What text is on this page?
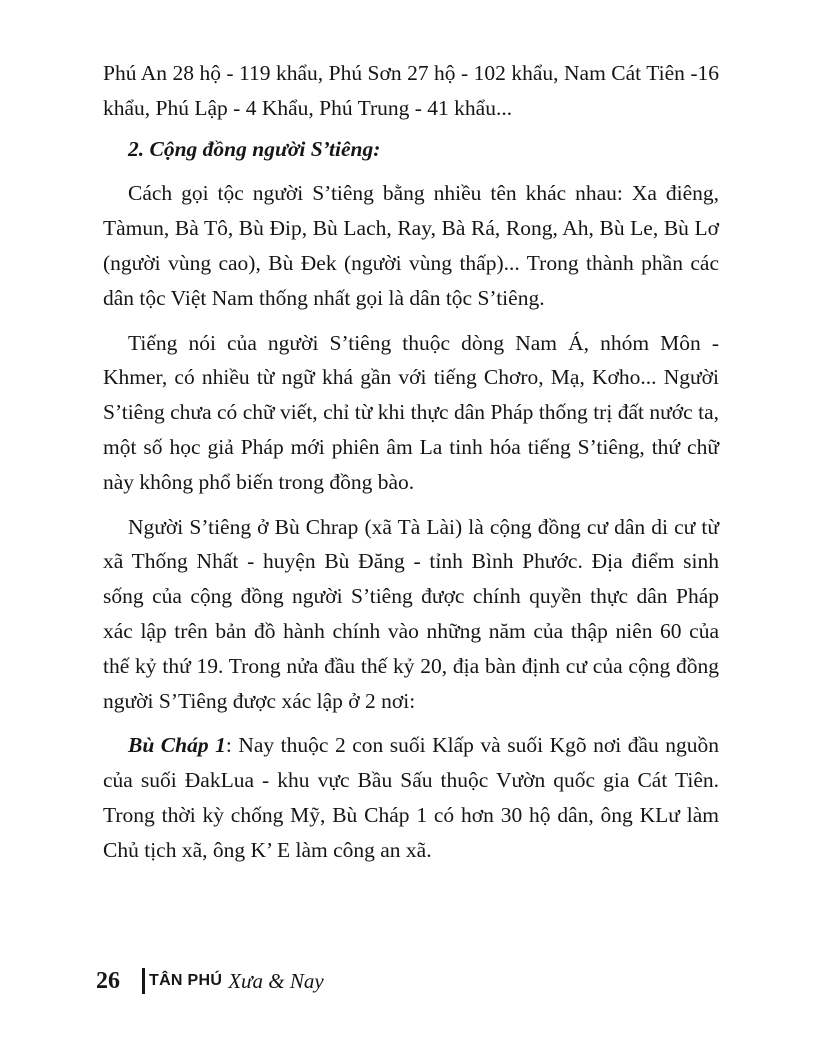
Phú An 28 hộ - 119 khẩu, Phú Sơn 27 hộ - 102 khẩu, Nam Cát Tiên -16 khẩu, Phú Lập - 4 Khẩu, Phú Trung - 41 khẩu...

2. Cộng đồng người S’tiêng:

Cách gọi tộc người S’tiêng bằng nhiều tên khác nhau: Xa điêng, Tàmun, Bà Tô, Bù Đip, Bù Lach, Ray, Bà Rá, Rong, Ah, Bù Le, Bù Lơ (người vùng cao), Bù Đek (người vùng thấp)... Trong thành phần các dân tộc Việt Nam thống nhất gọi là dân tộc S’tiêng.

Tiếng nói của người S’tiêng thuộc dòng Nam Á, nhóm Môn - Khmer, có nhiều từ ngữ khá gần với tiếng Chơro, Mạ, Kơho... Người S’tiêng chưa có chữ viết, chỉ từ khi thực dân Pháp thống trị đất nước ta, một số học giả Pháp mới phiên âm La tinh hóa tiếng S’tiêng, thứ chữ này không phổ biến trong đồng bào.

Người S’tiêng ở Bù Chrap (xã Tà Lài) là cộng đồng cư dân di cư từ xã Thống Nhất - huyện Bù Đăng - tỉnh Bình Phước. Địa điểm sinh sống của cộng đồng người S’tiêng được chính quyền thực dân Pháp xác lập trên bản đồ hành chính vào những năm của thập niên 60 của thế kỷ thứ 19. Trong nửa đầu thế kỷ 20, địa bàn định cư của cộng đồng người S’Tiêng được xác lập ở 2 nơi:

Bù Cháp 1: Nay thuộc 2 con suối Klấp và suối Kgõ nơi đầu nguồn của suối ĐakLua - khu vực Bầu Sấu thuộc Vườn quốc gia Cát Tiên. Trong thời kỳ chống Mỹ, Bù Cháp 1 có hơn 30 hộ dân, ông KLư làm Chủ tịch xã, ông K’ E làm công an xã.

26 TÂN PHÚ Xưa & Nay
